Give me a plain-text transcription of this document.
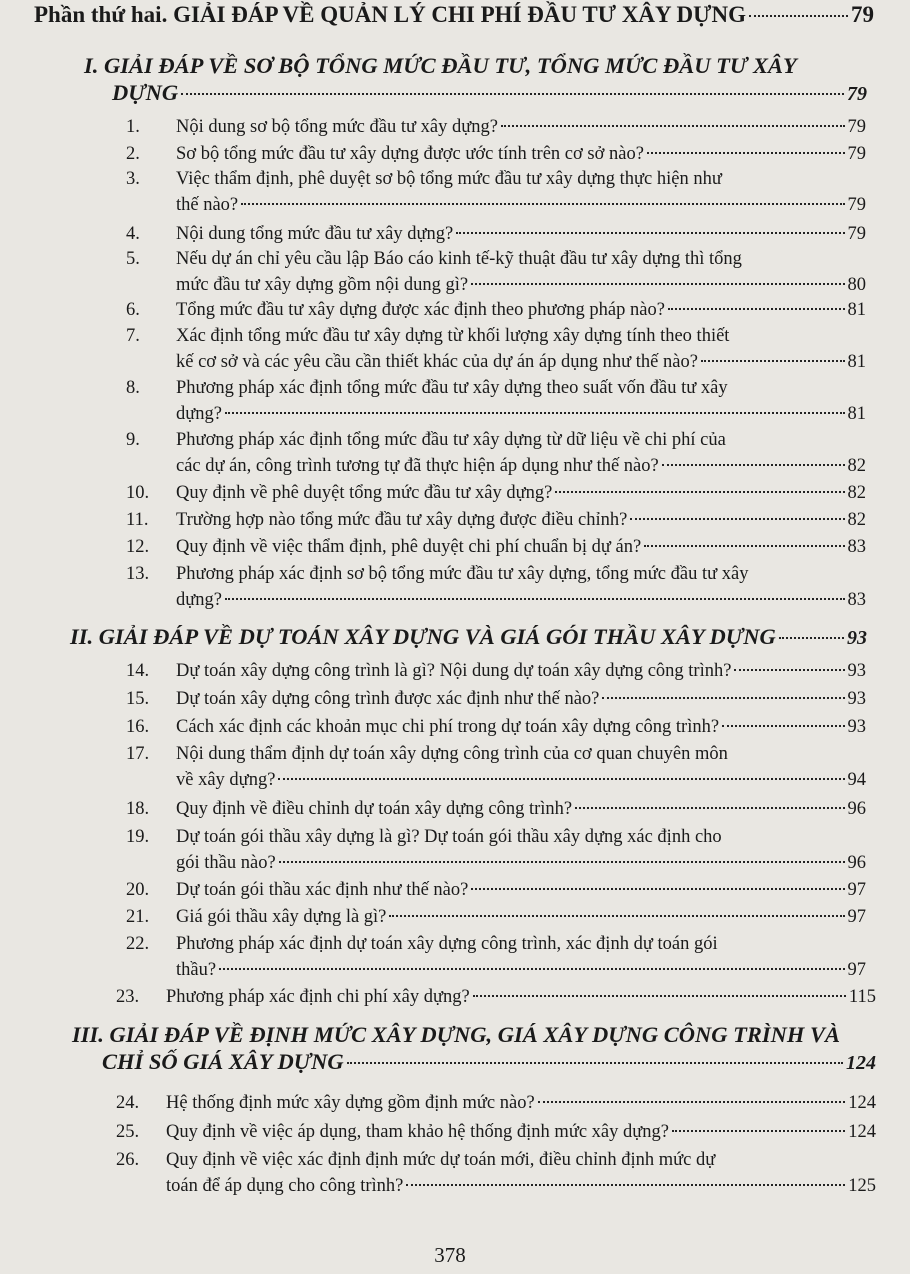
Phần thứ hai. GIẢI ĐÁP VỀ QUẢN LÝ CHI PHÍ ĐẦU TƯ XÂY DỰNG	79
I. GIẢI ĐÁP VỀ SƠ BỘ TỔNG MỨC ĐẦU TƯ, TỔNG MỨC ĐẦU TƯ XÂY
DỰNG	79
1.	Nội dung sơ bộ tổng mức đầu tư xây dựng?	79
2.	Sơ bộ tổng mức đầu tư xây dựng được ước tính trên cơ sở nào?	79
3.	Việc thẩm định, phê duyệt sơ bộ tổng mức đầu tư xây dựng thực hiện như
thế nào?	79
4.	Nội dung tổng mức đầu tư xây dựng?	79
5.	Nếu dự án chỉ yêu cầu lập Báo cáo kinh tế-kỹ thuật đầu tư xây dựng thì tổng
mức đầu tư xây dựng gồm nội dung gì?	80
6.	Tổng mức đầu tư xây dựng được xác định theo phương pháp nào?	81
7.	Xác định tổng mức đầu tư xây dựng từ khối lượng xây dựng tính theo thiết
kế cơ sở và các yêu cầu cần thiết khác của dự án áp dụng như thế nào?	81
8.	Phương pháp xác định tổng mức đầu tư xây dựng theo suất vốn đầu tư xây
dựng?	81
9.	Phương pháp xác định tổng mức đầu tư xây dựng từ dữ liệu về chi phí của
các dự án, công trình tương tự đã thực hiện áp dụng như thế nào?	82
10.	Quy định về phê duyệt tổng mức đầu tư xây dựng?	82
11.	Trường hợp nào tổng mức đầu tư xây dựng được điều chỉnh?	82
12.	Quy định về việc thẩm định, phê duyệt chi phí chuẩn bị dự án?	83
13.	Phương pháp xác định sơ bộ tổng mức đầu tư xây dựng, tổng mức đầu tư xây
dựng?	83
II. GIẢI ĐÁP VỀ DỰ TOÁN XÂY DỰNG VÀ GIÁ GÓI THẦU XÂY DỰNG	93
14.	Dự toán xây dựng công trình là gì? Nội dung dự toán xây dựng công trình?	93
15.	Dự toán xây dựng công trình được xác định như thế nào?	93
16.	Cách xác định các khoản mục chi phí trong dự toán xây dựng công trình?	93
17.	Nội dung thẩm định dự toán xây dựng công trình của cơ quan chuyên môn
về xây dựng?	94
18.	Quy định về điều chỉnh dự toán xây dựng công trình?	96
19.	Dự toán gói thầu xây dựng là gì? Dự toán gói thầu xây dựng xác định cho
gói thầu nào?	96
20.	Dự toán gói thầu xác định như thế nào?	97
21.	Giá gói thầu xây dựng là gì?	97
22.	Phương pháp xác định dự toán xây dựng công trình, xác định dự toán gói
thầu?	97
23.	Phương pháp xác định chi phí xây dựng?	115
III. GIẢI ĐÁP VỀ ĐỊNH MỨC XÂY DỰNG, GIÁ XÂY DỰNG CÔNG TRÌNH VÀ
CHỈ SỐ GIÁ XÂY DỰNG	124
24.	Hệ thống định mức xây dựng gồm định mức nào?	124
25.	Quy định về việc áp dụng, tham khảo hệ thống định mức xây dựng?	124
26.	Quy định về việc xác định định mức dự toán mới, điều chỉnh định mức dự
toán để áp dụng cho công trình?	125
378
